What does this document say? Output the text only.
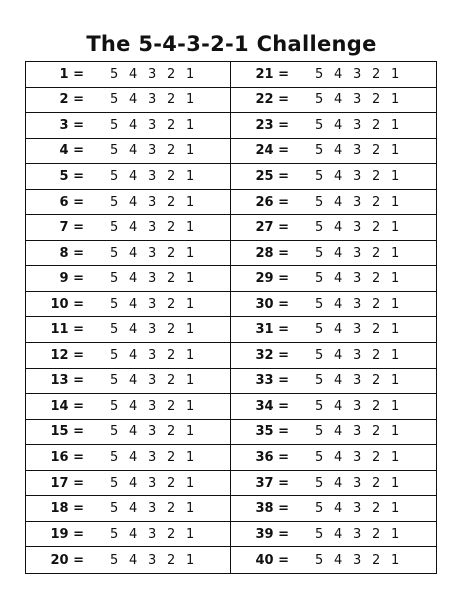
The 5-4-3-2-1 Challenge
1 = 5 4 3 2 1
2 = 5 4 3 2 1
3 = 5 4 3 2 1
4 = 5 4 3 2 1
5 = 5 4 3 2 1
6 = 5 4 3 2 1
7 = 5 4 3 2 1
8 = 5 4 3 2 1
9 = 5 4 3 2 1
10 = 5 4 3 2 1
11 = 5 4 3 2 1
12 = 5 4 3 2 1
13 = 5 4 3 2 1
14 = 5 4 3 2 1
15 = 5 4 3 2 1
16 = 5 4 3 2 1
17 = 5 4 3 2 1
18 = 5 4 3 2 1
19 = 5 4 3 2 1
20 = 5 4 3 2 1
21 = 5 4 3 2 1
22 = 5 4 3 2 1
23 = 5 4 3 2 1
24 = 5 4 3 2 1
25 = 5 4 3 2 1
26 = 5 4 3 2 1
27 = 5 4 3 2 1
28 = 5 4 3 2 1
29 = 5 4 3 2 1
30 = 5 4 3 2 1
31 = 5 4 3 2 1
32 = 5 4 3 2 1
33 = 5 4 3 2 1
34 = 5 4 3 2 1
35 = 5 4 3 2 1
36 = 5 4 3 2 1
37 = 5 4 3 2 1
38 = 5 4 3 2 1
39 = 5 4 3 2 1
40 = 5 4 3 2 1
